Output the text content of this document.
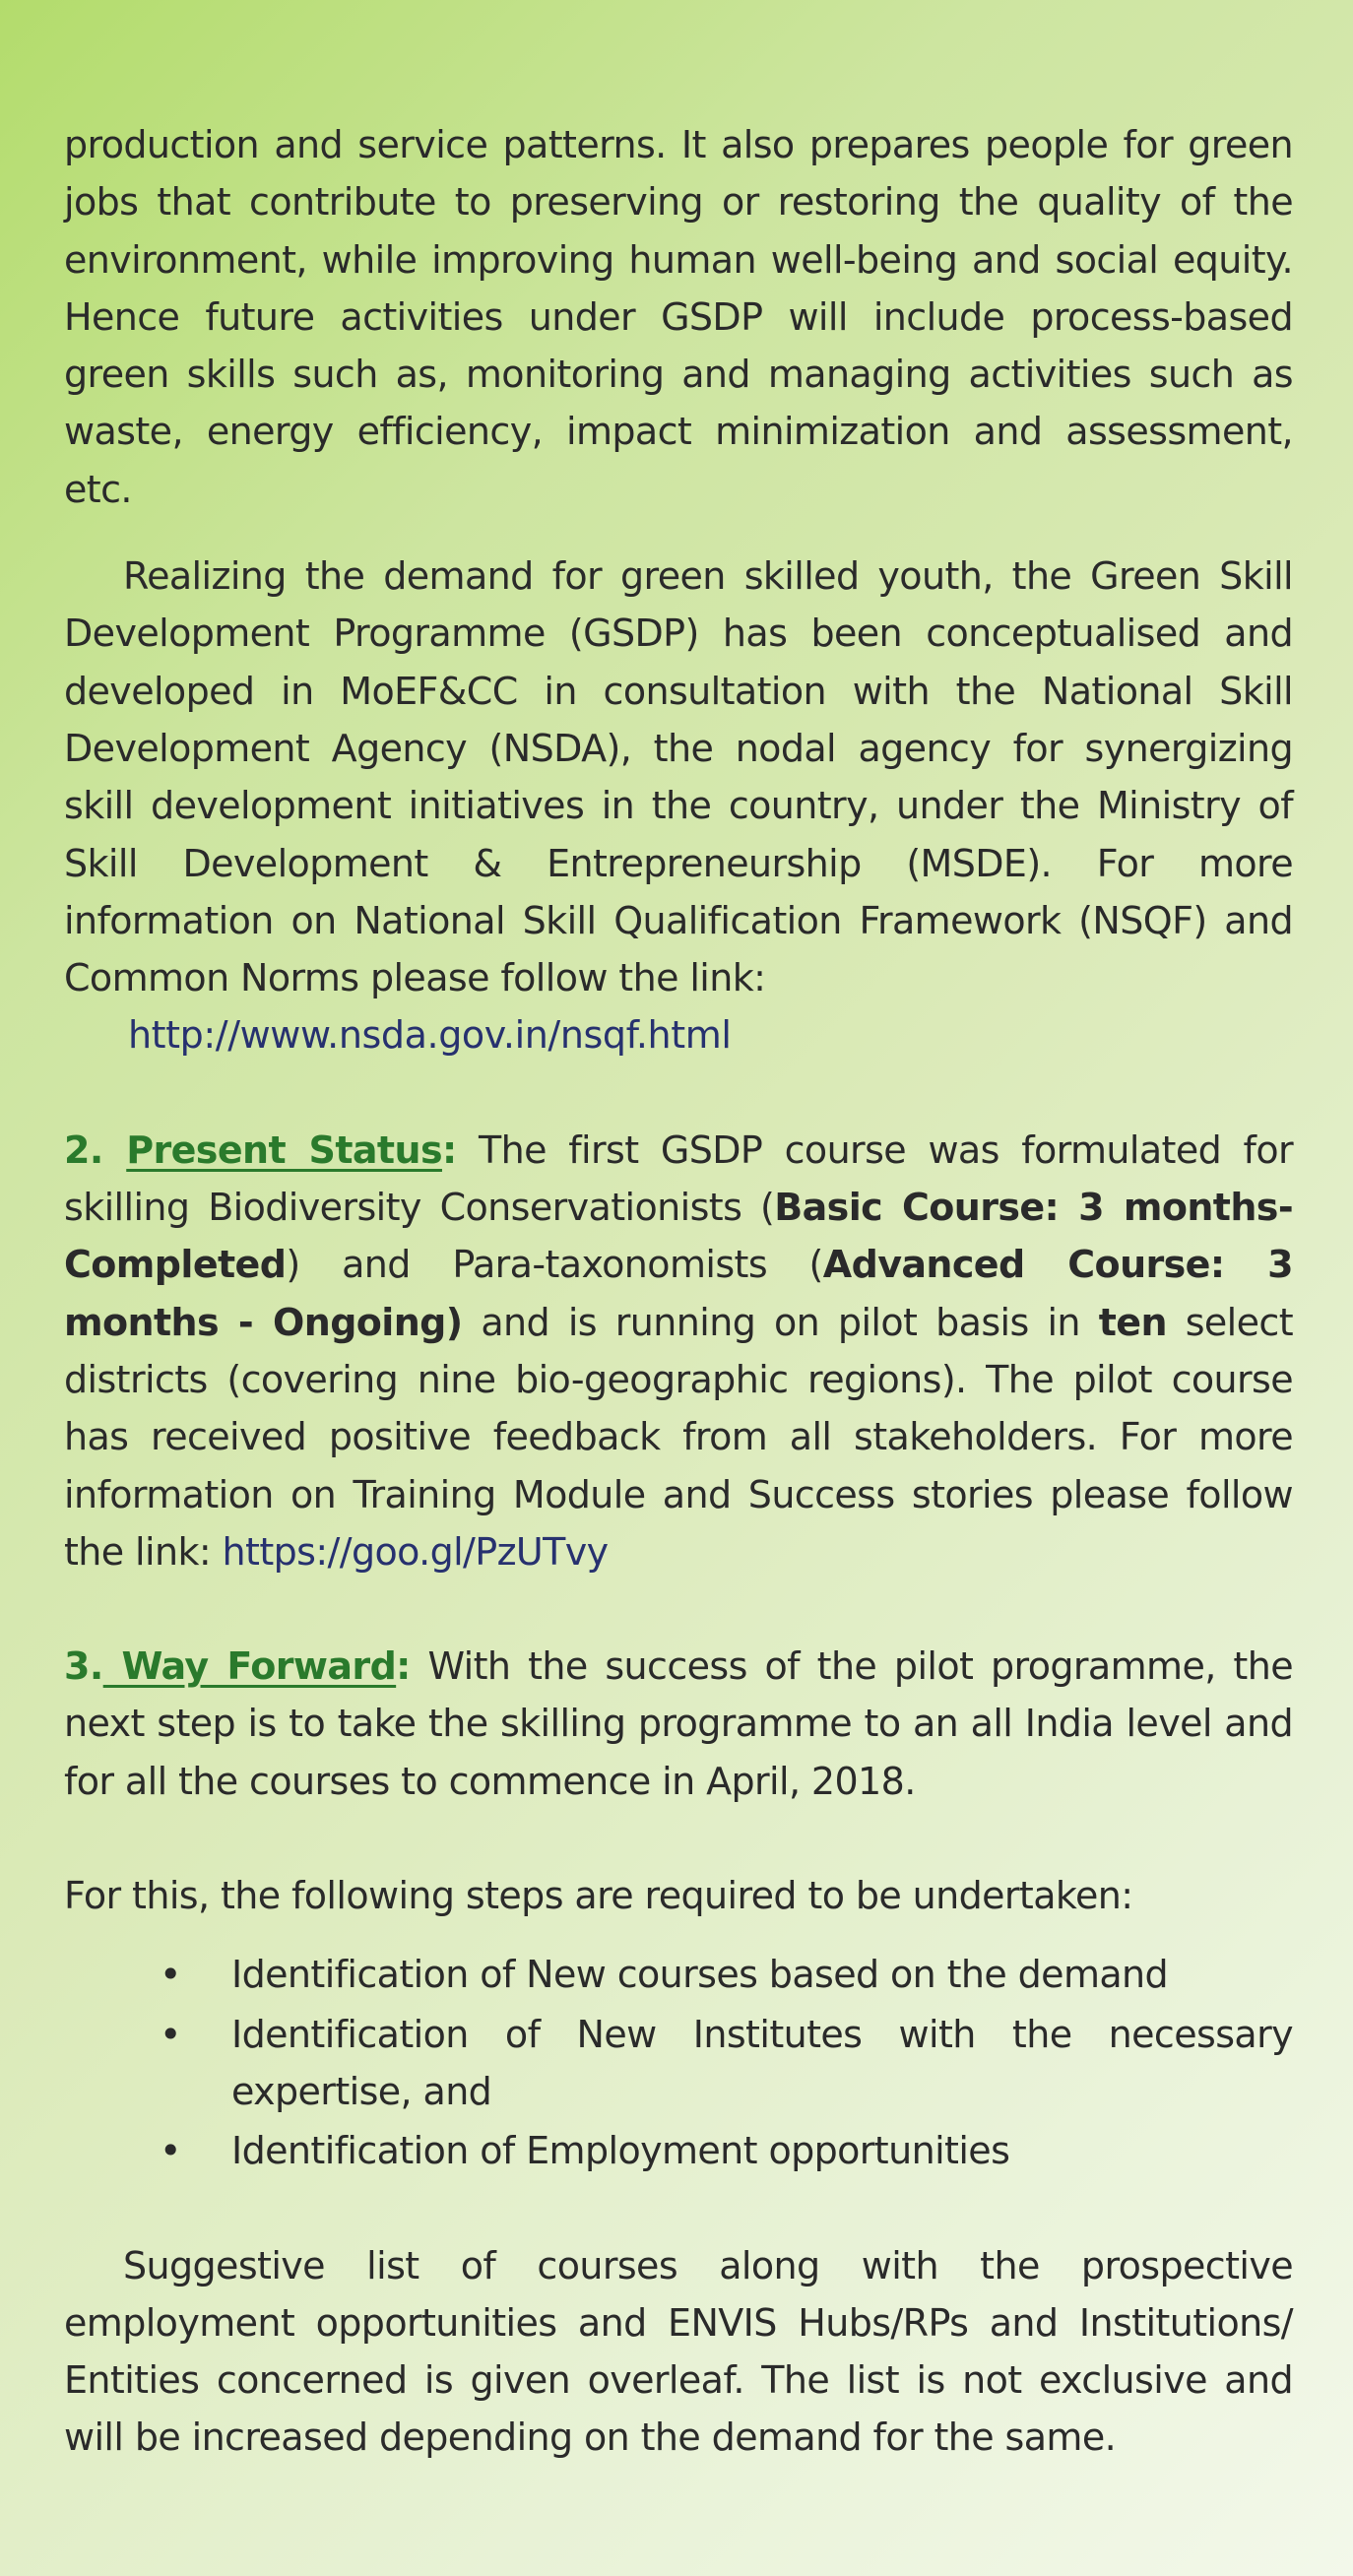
production and service patterns. It also prepares people for green jobs that contribute to preserving or restoring the quality of the environment, while improving human well-being and social equity. Hence future activities under GSDP will include process-based green skills such as, monitoring and managing activities such as waste, energy efficiency, impact minimization and assessment, etc.

Realizing the demand for green skilled youth, the Green Skill Development Programme (GSDP) has been conceptualised and developed in MoEF&CC in consultation with the National Skill Development Agency (NSDA), the nodal agency for synergizing skill development initiatives in the country, under the Ministry of Skill Development & Entrepreneurship (MSDE). For more information on National Skill Qualification Framework (NSQF) and Common Norms please follow the link:

http://www.nsda.gov.in/nsqf.html

2. Present Status: The first GSDP course was formulated for skilling Biodiversity Conservationists (Basic Course: 3 months-Completed) and Para-taxonomists (Advanced Course: 3 months - Ongoing) and is running on pilot basis in ten select districts (covering nine bio-geographic regions). The pilot course has received positive feedback from all stakeholders. For more information on Training Module and Success stories please follow the link: https://goo.gl/PzUTvy

3. Way Forward: With the success of the pilot programme, the next step is to take the skilling programme to an all India level and for all the courses to commence in April, 2018.

For this, the following steps are required to be undertaken:

• Identification of New courses based on the demand
• Identification of New Institutes with the necessary expertise, and
• Identification of Employment opportunities

Suggestive list of courses along with the prospective employment opportunities and ENVIS Hubs/RPs and Institutions/ Entities concerned is given overleaf. The list is not exclusive and will be increased depending on the demand for the same.
